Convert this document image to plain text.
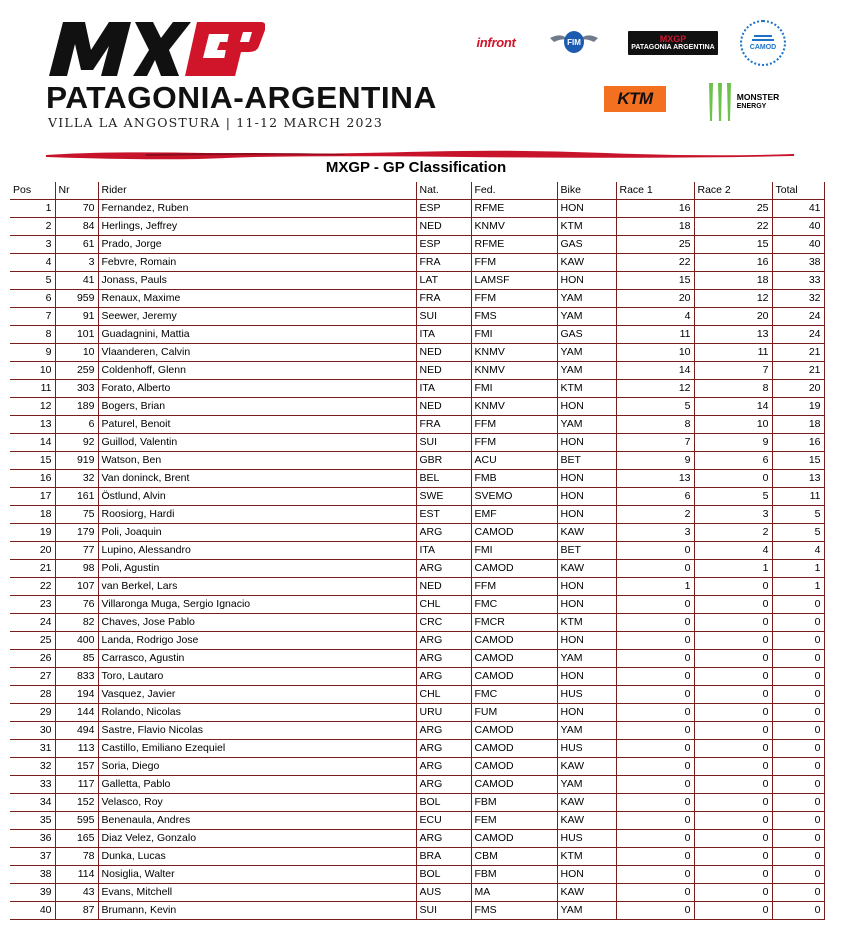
MXGP
PATAGONIA-ARGENTINA
VILLA LA ANGOSTURA | 11-12 MARCH 2023
infront	FIM	MXGP
PATAGONIA ARGENTINA	CAMOD
KTM	MONSTER
ENERGY
MXGP - GP Classification
Pos	Nr	Rider	Nat.	Fed.	Bike	Race 1	Race 2	Total
1	70	Fernandez, Ruben	ESP	RFME	HON	16	25	41
2	84	Herlings, Jeffrey	NED	KNMV	KTM	18	22	40
3	61	Prado, Jorge	ESP	RFME	GAS	25	15	40
4	3	Febvre, Romain	FRA	FFM	KAW	22	16	38
5	41	Jonass, Pauls	LAT	LAMSF	HON	15	18	33
6	959	Renaux, Maxime	FRA	FFM	YAM	20	12	32
7	91	Seewer, Jeremy	SUI	FMS	YAM	4	20	24
8	101	Guadagnini, Mattia	ITA	FMI	GAS	11	13	24
9	10	Vlaanderen, Calvin	NED	KNMV	YAM	10	11	21
10	259	Coldenhoff, Glenn	NED	KNMV	YAM	14	7	21
11	303	Forato, Alberto	ITA	FMI	KTM	12	8	20
12	189	Bogers, Brian	NED	KNMV	HON	5	14	19
13	6	Paturel, Benoit	FRA	FFM	YAM	8	10	18
14	92	Guillod, Valentin	SUI	FFM	HON	7	9	16
15	919	Watson, Ben	GBR	ACU	BET	9	6	15
16	32	Van doninck, Brent	BEL	FMB	HON	13	0	13
17	161	Östlund, Alvin	SWE	SVEMO	HON	6	5	11
18	75	Roosiorg, Hardi	EST	EMF	HON	2	3	5
19	179	Poli, Joaquin	ARG	CAMOD	KAW	3	2	5
20	77	Lupino, Alessandro	ITA	FMI	BET	0	4	4
21	98	Poli, Agustin	ARG	CAMOD	KAW	0	1	1
22	107	van Berkel, Lars	NED	FFM	HON	1	0	1
23	76	Villaronga Muga, Sergio Ignacio	CHL	FMC	HON	0	0	0
24	82	Chaves, Jose Pablo	CRC	FMCR	KTM	0	0	0
25	400	Landa, Rodrigo Jose	ARG	CAMOD	HON	0	0	0
26	85	Carrasco, Agustin	ARG	CAMOD	YAM	0	0	0
27	833	Toro, Lautaro	ARG	CAMOD	HON	0	0	0
28	194	Vasquez, Javier	CHL	FMC	HUS	0	0	0
29	144	Rolando, Nicolas	URU	FUM	HON	0	0	0
30	494	Sastre, Flavio Nicolas	ARG	CAMOD	YAM	0	0	0
31	113	Castillo, Emiliano Ezequiel	ARG	CAMOD	HUS	0	0	0
32	157	Soria, Diego	ARG	CAMOD	KAW	0	0	0
33	117	Galletta, Pablo	ARG	CAMOD	YAM	0	0	0
34	152	Velasco, Roy	BOL	FBM	KAW	0	0	0
35	595	Benenaula, Andres	ECU	FEM	KAW	0	0	0
36	165	Diaz Velez, Gonzalo	ARG	CAMOD	HUS	0	0	0
37	78	Dunka, Lucas	BRA	CBM	KTM	0	0	0
38	114	Nosiglia, Walter	BOL	FBM	HON	0	0	0
39	43	Evans, Mitchell	AUS	MA	KAW	0	0	0
40	87	Brumann, Kevin	SUI	FMS	YAM	0	0	0
